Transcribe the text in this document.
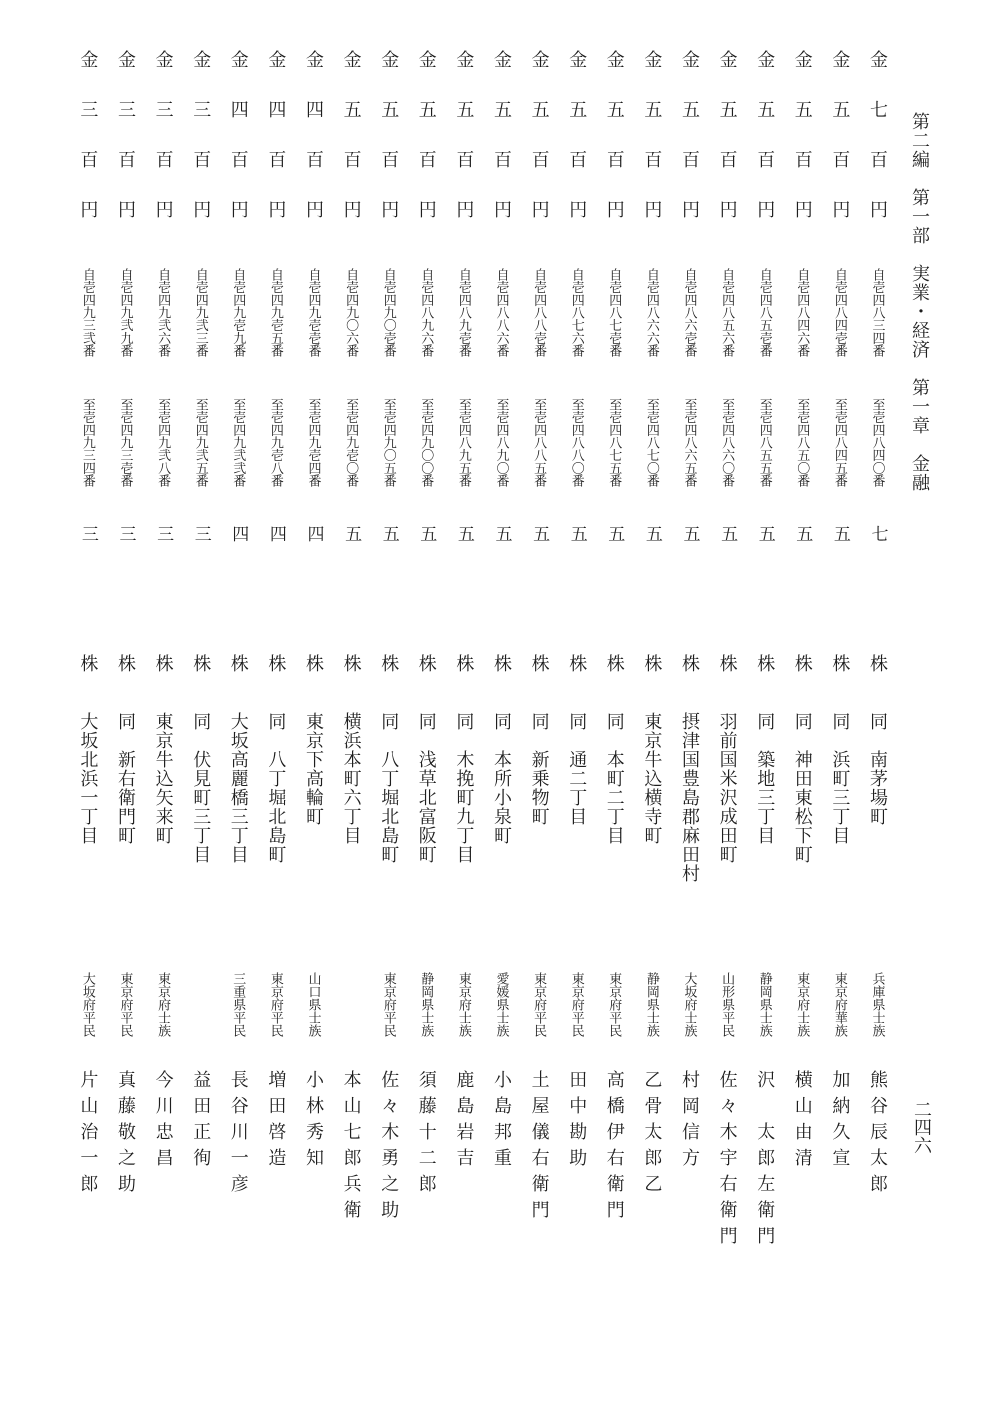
第二編　第一部　実業・経済　第一章　金融
二四六
金七百円
自壱四八三四番
至壱四八四〇番
七
株
同　南茅場町
兵庫県士族
熊谷辰太郎
金五百円
自壱四八四壱番
至壱四八四五番
五
株
同　浜町三丁目
東京府華族
加納久宣
金五百円
自壱四八四六番
至壱四八五〇番
五
株
同　神田東松下町
東京府士族
横山由清
金五百円
自壱四八五壱番
至壱四八五五番
五
株
同　築地三丁目
静岡県士族
沢　太郎左衛門
金五百円
自壱四八五六番
至壱四八六〇番
五
株
羽前国米沢成田町
山形県平民
佐々木宇右衛門
金五百円
自壱四八六壱番
至壱四八六五番
五
株
摂津国豊島郡麻田村
大坂府士族
村岡信方
金五百円
自壱四八六六番
至壱四八七〇番
五
株
東京牛込横寺町
静岡県士族
乙骨太郎乙
金五百円
自壱四八七壱番
至壱四八七五番
五
株
同　本町二丁目
東京府平民
高橋伊右衛門
金五百円
自壱四八七六番
至壱四八八〇番
五
株
同　通二丁目
東京府平民
田中勘助
金五百円
自壱四八八壱番
至壱四八八五番
五
株
同　新乗物町
東京府平民
土屋儀右衛門
金五百円
自壱四八八六番
至壱四八九〇番
五
株
同　本所小泉町
愛媛県士族
小島邦重
金五百円
自壱四八九壱番
至壱四八九五番
五
株
同　木挽町九丁目
東京府士族
鹿島岩吉
金五百円
自壱四八九六番
至壱四九〇〇番
五
株
同　浅草北富阪町
静岡県士族
須藤十二郎
金五百円
自壱四九〇壱番
至壱四九〇五番
五
株
同　八丁堀北島町
東京府平民
佐々木勇之助
金五百円
自壱四九〇六番
至壱四九壱〇番
五
株
横浜本町六丁目
本山七郎兵衛
金四百円
自壱四九壱壱番
至壱四九壱四番
四
株
東京下高輪町
山口県士族
小林秀知
金四百円
自壱四九壱五番
至壱四九壱八番
四
株
同　八丁堀北島町
東京府平民
増田啓造
金四百円
自壱四九壱九番
至壱四九弐弐番
四
株
大坂高麗橋三丁目
三重県平民
長谷川一彦
金三百円
自壱四九弐三番
至壱四九弐五番
三
株
同　伏見町三丁目
益田正徇
金三百円
自壱四九弐六番
至壱四九弐八番
三
株
東京牛込矢来町
東京府士族
今川忠昌
金三百円
自壱四九弐九番
至壱四九三壱番
三
株
同　新右衛門町
東京府平民
真藤敬之助
金三百円
自壱四九三弐番
至壱四九三四番
三
株
大坂北浜一丁目
大坂府平民
片山治一郎
